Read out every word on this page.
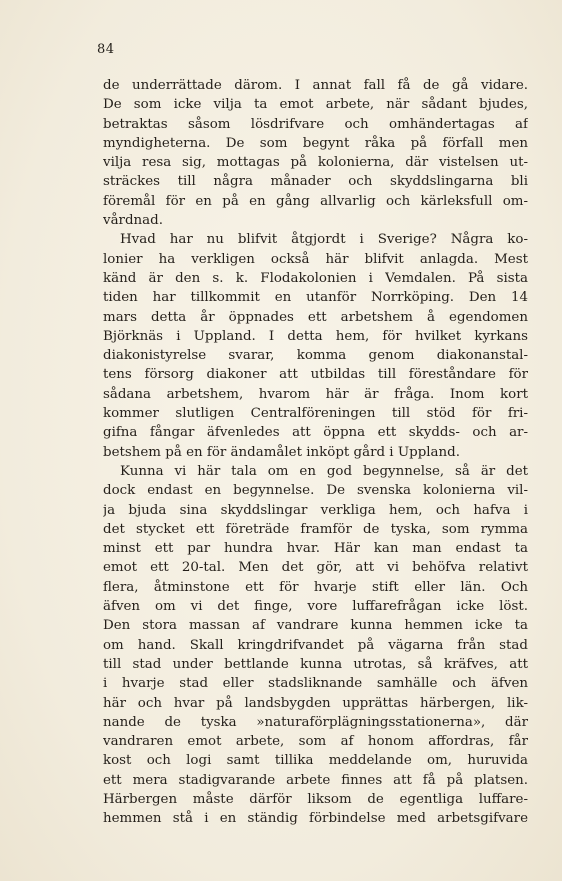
84
de underrättade därom. I annat fall få de gå vidare.
De som icke vilja ta emot arbete, när sådant bjudes,
betraktas såsom lösdrifvare och omhändertagas af
myndigheterna. De som begynt råka på förfall men
vilja resa sig, mottagas på kolonierna, där vistelsen ut-
sträckes till några månader och skyddslingarna bli
föremål för en på en gång allvarlig och kärleksfull om-
vårdnad.
Hvad har nu blifvit åtgjordt i Sverige? Några ko-
lonier ha verkligen också här blifvit anlagda. Mest
känd är den s. k. Flodakolonien i Vemdalen. På sista
tiden har tillkommit en utanför Norrköping. Den 14
mars detta år öppnades ett arbetshem å egendomen
Björknäs i Uppland. I detta hem, för hvilket kyrkans
diakonistyrelse svarar, komma genom diakonanstal-
tens försorg diakoner att utbildas till föreståndare för
sådana arbetshem, hvarom här är fråga. Inom kort
kommer slutligen Centralföreningen till stöd för fri-
gifna fångar äfvenledes att öppna ett skydds- och ar-
betshem på en för ändamålet inköpt gård i Uppland.
Kunna vi här tala om en god begynnelse, så är det
dock endast en begynnelse. De svenska kolonierna vil-
ja bjuda sina skyddslingar verkliga hem, och hafva i
det stycket ett företräde framför de tyska, som rymma
minst ett par hundra hvar. Här kan man endast ta
emot ett 20-tal. Men det gör, att vi behöfva relativt
flera, åtminstone ett för hvarje stift eller län. Och
äfven om vi det finge, vore luffarefrågan icke löst.
Den stora massan af vandrare kunna hemmen icke ta
om hand. Skall kringdrifvandet på vägarna från stad
till stad under bettlande kunna utrotas, så kräfves, att
i hvarje stad eller stadsliknande samhälle och äfven
här och hvar på landsbygden upprättas härbergen, lik-
nande de tyska »naturaförplägningsstationerna», där
vandraren emot arbete, som af honom affordras, får
kost och logi samt tillika meddelande om, huruvida
ett mera stadigvarande arbete finnes att få på platsen.
Härbergen måste därför liksom de egentliga luffare-
hemmen stå i en ständig förbindelse med arbetsgifvare
